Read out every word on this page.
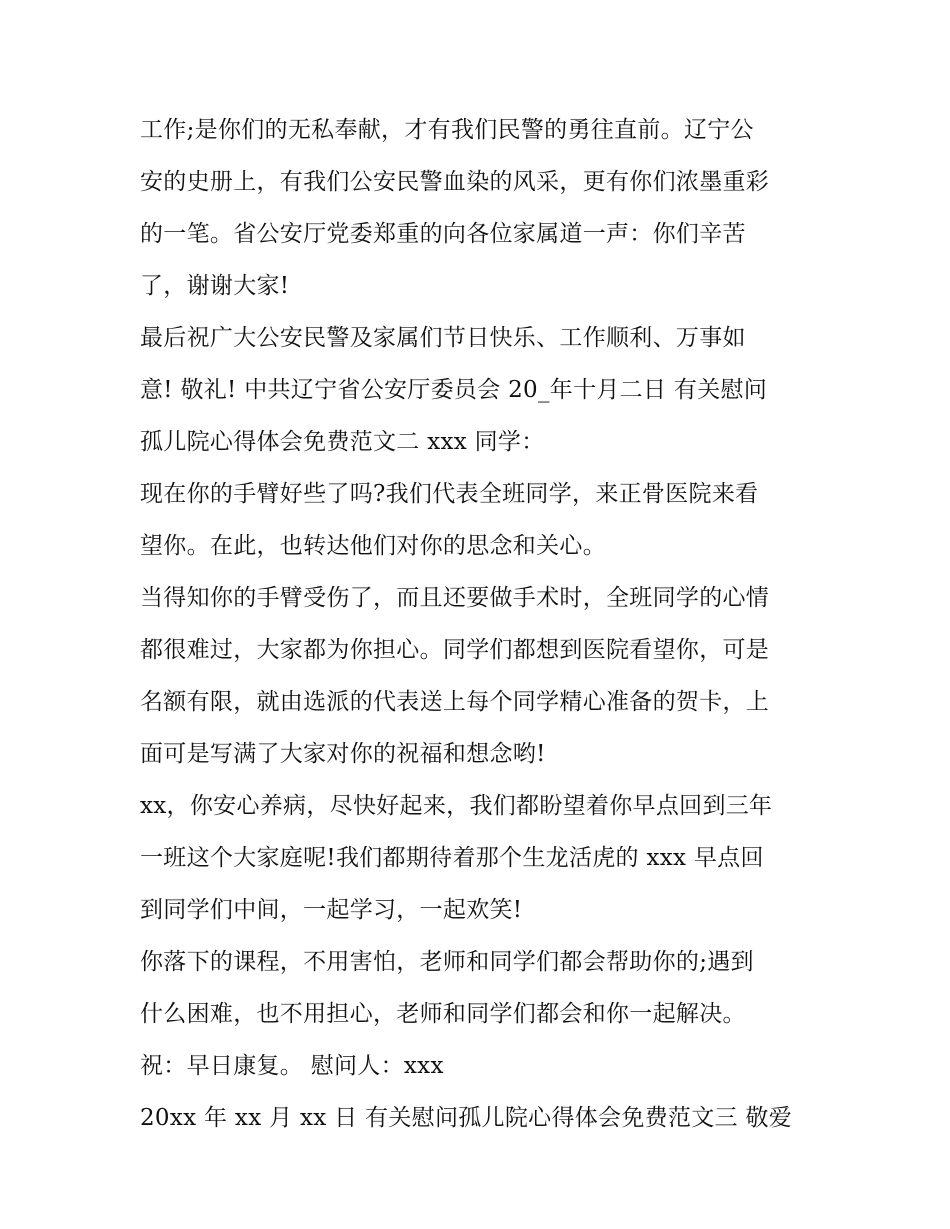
工作;是你们的无私奉献，才有我们民警的勇往直前。辽宁公
安的史册上，有我们公安民警血染的风采，更有你们浓墨重彩
的一笔。省公安厅党委郑重的向各位家属道一声：你们辛苦
了，谢谢大家!
最后祝广大公安民警及家属们节日快乐、工作顺利、万事如
意! 敬礼! 中共辽宁省公安厅委员会 20_年十月二日 有关慰问
孤儿院心得体会免费范文二 xxx 同学：
现在你的手臂好些了吗?我们代表全班同学，来正骨医院来看
望你。在此，也转达他们对你的思念和关心。
当得知你的手臂受伤了，而且还要做手术时，全班同学的心情
都很难过，大家都为你担心。同学们都想到医院看望你，可是
名额有限，就由选派的代表送上每个同学精心准备的贺卡，上
面可是写满了大家对你的祝福和想念哟!
xx，你安心养病，尽快好起来，我们都盼望着你早点回到三年
一班这个大家庭呢!我们都期待着那个生龙活虎的 xxx 早点回
到同学们中间，一起学习，一起欢笑!
你落下的课程，不用害怕，老师和同学们都会帮助你的;遇到
什么困难，也不用担心，老师和同学们都会和你一起解决。
祝：早日康复。 慰问人：xxx
20xx 年 xx 月 xx 日 有关慰问孤儿院心得体会免费范文三 敬爱
